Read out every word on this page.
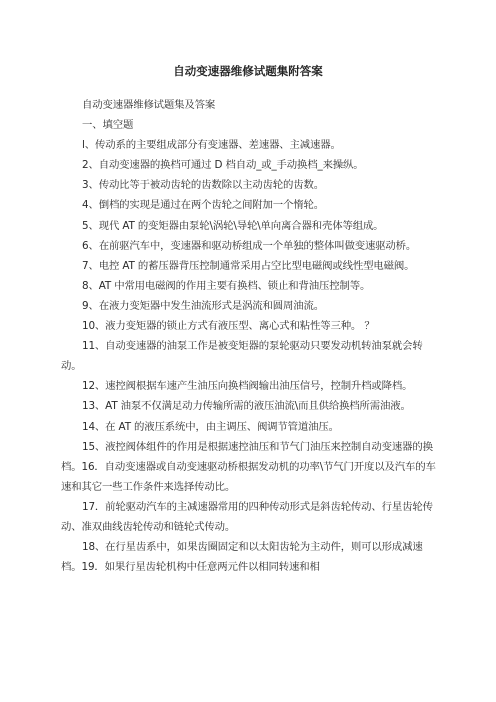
自动变速器维修试题集附答案

自动变速器维修试题集及答案

一、填空题

l、传动系的主要组成部分有变速器、差速器、主减速器。

2、自动变速器的换档可通过 D 档自动_或_手动换档_来操纵。

3、传动比等于被动齿轮的齿数除以主动齿轮的齿数。

4、倒档的实现是通过在两个齿轮之间附加一个惰轮。

5、现代 AT 的变矩器由泵轮\涡轮\导轮\单向离合器和壳体等组成。

6、在前驱汽车中，变速器和驱动桥组成一个单独的整体叫做变速驱动桥。

7、电控 AT 的蓄压器背压控制通常采用占空比型电磁阀或线性型电磁阀。

8、AT 中常用电磁阀的作用主要有换档、锁止和背油压控制等。

9、在液力变矩器中发生油流形式是涡流和圆周油流。

10、液力变矩器的锁止方式有液压型、离心式和粘性等三种。 ？

11、自动变速器的油泵工作是被变矩器的泵轮驱动只要发动机转油泵就会转动。

12、速控阀根据车速产生油压向换档阀输出油压信号，控制升档或降档。

13、AT 油泵不仅满足动力传输所需的液压油流\而且供给换档所需油液。

14、在 AT 的液压系统中，由主调压、阀调节管道油压。

15、液控阀体组件的作用是根据速控油压和节气门油压来控制自动变速器的换档。16．自动变速器或自动变速驱动桥根据发动机的功率\节气门开度以及汽车的车速和其它一些工作条件来选择传动比。

17．前轮驱动汽车的主减速器常用的四种传动形式是斜齿轮传动、行星齿轮传动、准双曲线齿轮传动和链轮式传动。

18、在行星齿系中，如果齿圈固定和以太阳齿轮为主动件，则可以形成减速档。19．如果行星齿轮机构中任意两元件以相同转速和相
